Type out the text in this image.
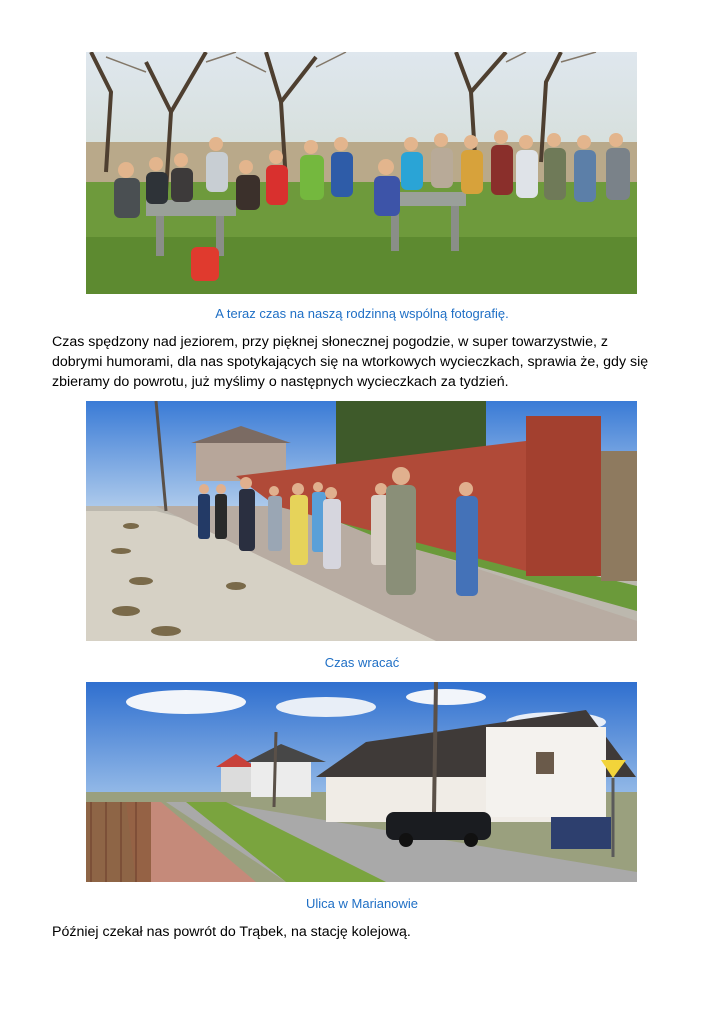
A teraz czas na naszą rodzinną wspólną fotografię.
Czas spędzony nad jeziorem, przy pięknej słonecznej pogodzie, w super towarzystwie, z
dobrymi humorami, dla nas spotykających się na wtorkowych wycieczkach, sprawia że, gdy się
zbieramy do powrotu, już myślimy o następnych wycieczkach za tydzień.
Czas wracać
Ulica w Marianowie
Później czekał nas powrót do Trąbek, na stację kolejową.
